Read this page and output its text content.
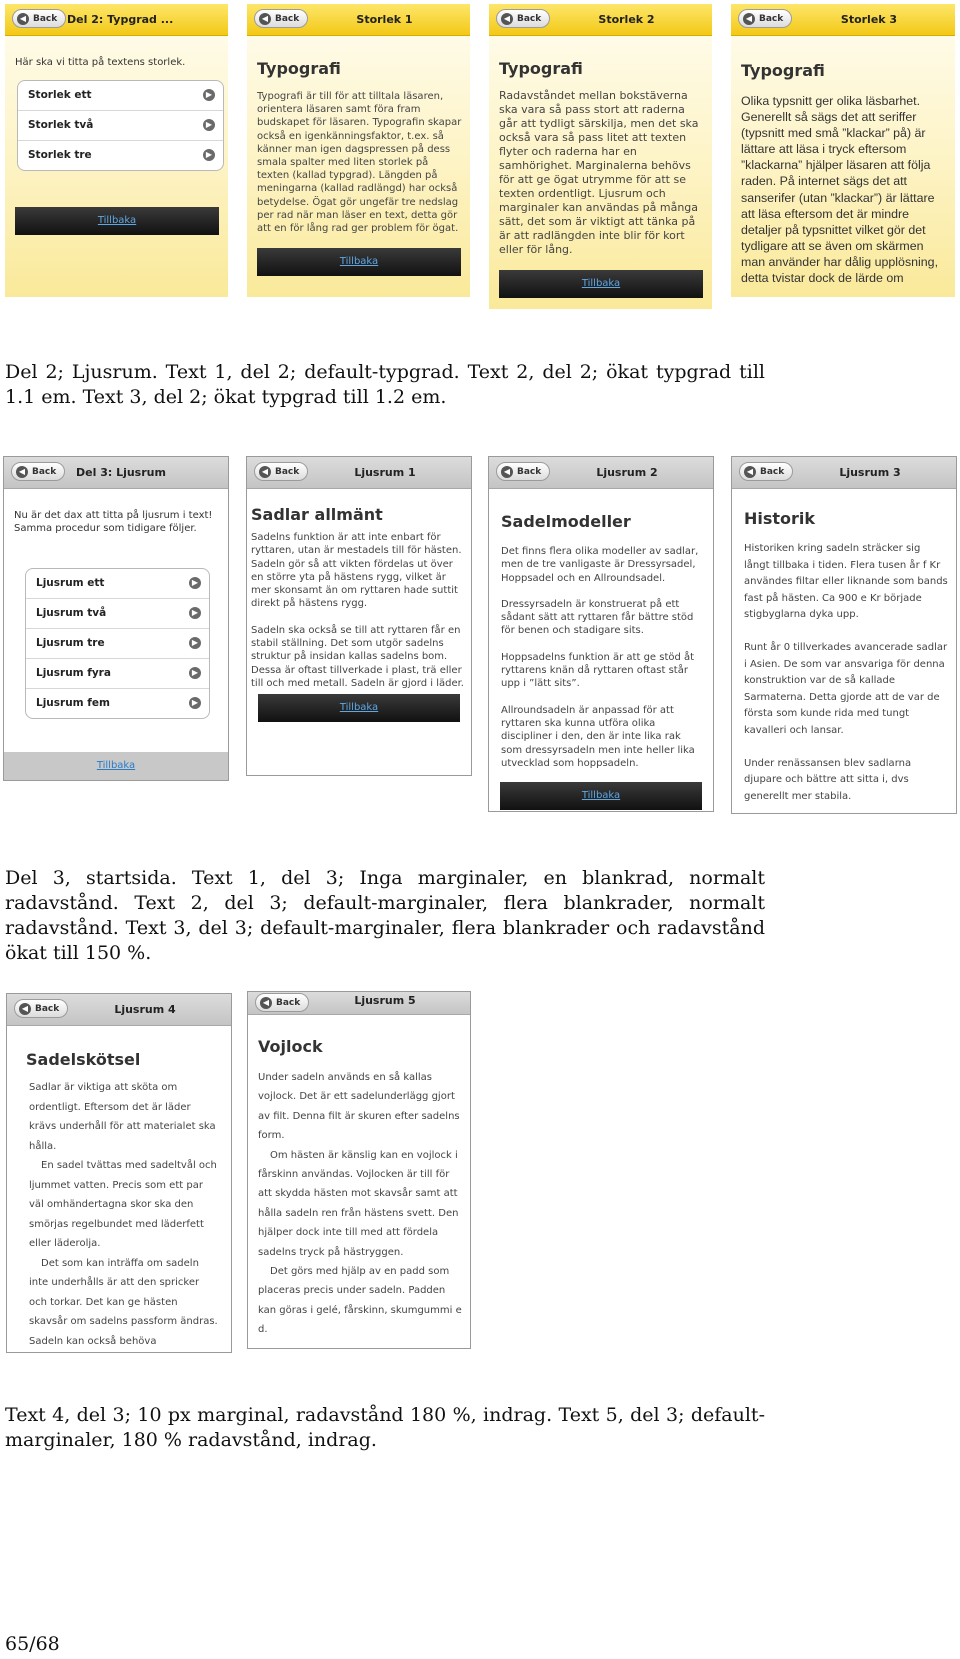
◀ Back Del 2: Typgrad ...
Här ska vi titta på textens storlek.
Storlek ett	▶
Storlek två	▶
Storlek tre	▶
Tillbaka
◀ Back	Storlek 1
Typografi
Typografi är till för att tilltala läsaren, orientera läsaren samt föra fram budskapet för läsaren. Typografin skapar också en igenkänningsfaktor, t.ex. så känner man igen dagspressen på dess smala spalter med liten storlek på texten (kallad typgrad). Längden på meningarna (kallad radlängd) har också betydelse. Ögat gör ungefär tre nedslag per rad när man läser en text, detta gör att en för lång rad ger problem för ögat.
Tillbaka
◀ Back	Storlek 2
Typografi
Radavståndet mellan bokstäverna ska vara så pass stort att raderna går att tydligt särskilja, men det ska också vara så pass litet att texten flyter och raderna har en samhörighet. Marginalerna behövs för att ge ögat utrymme för att se texten ordentligt. Ljusrum och marginaler kan användas på många sätt, det som är viktigt att tänka på är att radlängden inte blir för kort eller för lång.
Tillbaka
◀ Back	Storlek 3
Typografi
Olika typsnitt ger olika läsbarhet. Generellt så sägs det att seriffer (typsnitt med små ”klackar” på) är lättare att läsa i tryck eftersom ”klackarna” hjälper läsaren att följa raden. På internet sägs det att sanserifer (utan ”klackar”) är lättare att läsa eftersom det är mindre detaljer på typsnittet vilket gör det tydligare att se även om skärmen man använder har dålig upplösning, detta tvistar dock de lärde om
Del 2; Ljusrum. Text 1, del 2; default-typgrad. Text 2, del 2; ökat typgrad till 1.1 em. Text 3, del 2; ökat typgrad till 1.2 em.
◀ Back Del 3: Ljusrum
Nu är det dax att titta på ljusrum i text! Samma procedur som tidigare följer.
Ljusrum ett	▶
Ljusrum två	▶
Ljusrum tre	▶
Ljusrum fyra	▶
Ljusrum fem	▶
Tillbaka
◀ Back	Ljusrum 1
Sadlar allmänt

Sadelns funktion är att inte enbart för ryttaren, utan är mestadels till för hästen. Sadeln gör så att vikten fördelas ut över en större yta på hästens rygg, vilket är mer skonsamt än om ryttaren hade suttit direkt på hästens rygg.

Sadeln ska också se till att ryttaren får en stabil ställning. Det som utgör sadelns struktur på insidan kallas sadelns bom. Dessa är oftast tillverkade i plast, trä eller till och med metall. Sadeln är gjord i läder.

Tillbaka
◀ Back	Ljusrum 2
Sadelmodeller

Det finns flera olika modeller av sadlar, men de tre vanligaste är Dressyrsadel, Hoppsadel och en Allroundsadel.

Dressyrsadeln är konstruerat på ett sådant sätt att ryttaren får bättre stöd för benen och stadigare sits.

Hoppsadelns funktion är att ge stöd åt ryttarens knän då ryttaren oftast står upp i ”lätt sits”.

Allroundsadeln är anpassad för att ryttaren ska kunna utföra olika discipliner i den, den är inte lika rak som dressyrsadeln men inte heller lika utvecklad som hoppsadeln.

Tillbaka
◀ Back	Ljusrum 3
Historik

Historiken kring sadeln sträcker sig långt tillbaka i tiden. Flera tusen år f Kr användes filtar eller liknande som bands fast på hästen. Ca 900 e Kr började stigbyglarna dyka upp.

Runt år 0 tillverkades avancerade sadlar i Asien. De som var ansvariga för denna konstruktion var de så kallade Sarmaterna. Detta gjorde att de var de första som kunde rida med tungt kavalleri och lansar.

Under renässansen blev sadlarna djupare och bättre att sitta i, dvs generellt mer stabila.

Del 3, startsida. Text 1, del 3; Inga marginaler, en blankrad, normalt radavstånd. Text 2, del 3; default-marginaler, flera blankrader, normalt radavstånd. Text 3, del 3; default-marginaler, flera blankrader och radavstånd ökat till 150 %.
◀ Back	Ljusrum 4
Sadelskötsel

Sadlar är viktiga att sköta om ordentligt. Eftersom det är läder krävs underhåll för att materialet ska hålla.

En sadel tvättas med sadeltvål och ljummet vatten. Precis som ett par väl omhändertagna skor ska den smörjas regelbundet med läderfett eller läderolja.

Det som kan inträffa om sadeln inte underhålls är att den spricker och torkar. Det kan ge hästen skavsår om sadelns passform ändras. Sadeln kan också behöva

◀ Back	Ljusrum 5
Vojlock

Under sadeln används en så kallas vojlock. Det är ett sadelunderlägg gjort av filt. Denna filt är skuren efter sadelns form.

Om hästen är känslig kan en vojlock i fårskinn användas. Vojlocken är till för att skydda hästen mot skavsår samt att hålla sadeln ren från hästens svett. Den hjälper dock inte till med att fördela sadelns tryck på hästryggen.

Det görs med hjälp av en padd som placeras precis under sadeln. Padden kan göras i gelé, fårskinn, skumgummi e d.

Text 4, del 3; 10 px marginal, radavstånd 180 %, indrag. Text 5, del 3; default-marginaler, 180 % radavstånd, indrag.
65/68
